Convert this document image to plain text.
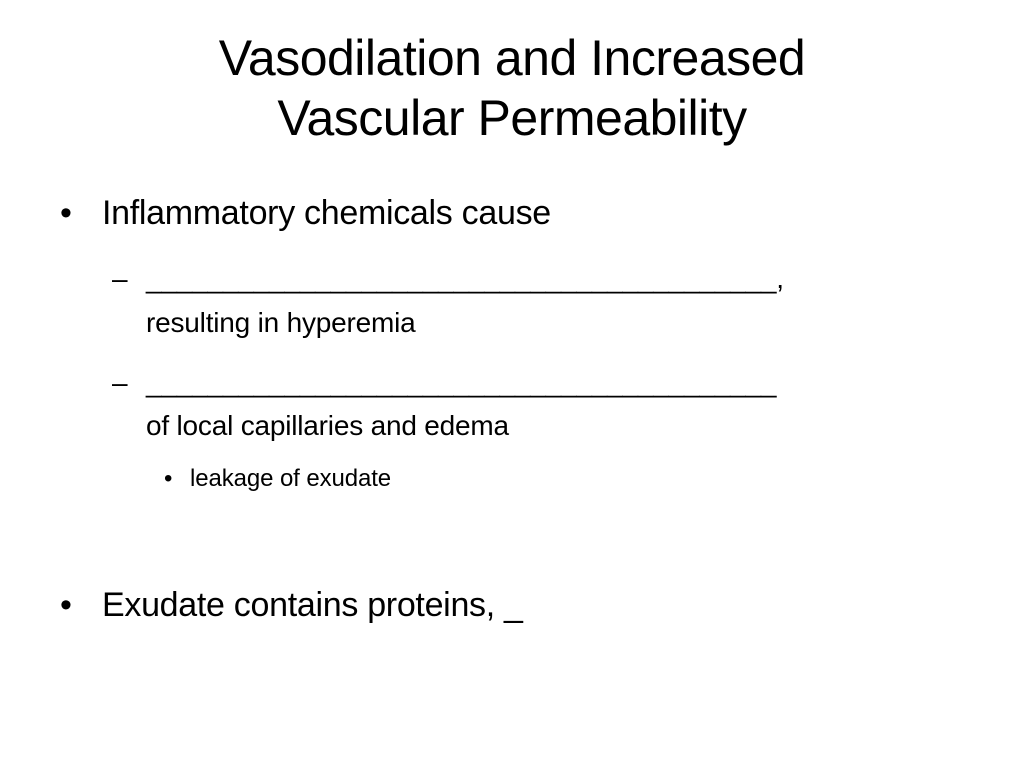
Vasodilation and Increased
Vascular Permeability
• Inflammatory chemicals cause
– _________________________________________,
resulting in hyperemia
– _________________________________________
of local capillaries and edema
• leakage of exudate
• Exudate contains proteins, _
